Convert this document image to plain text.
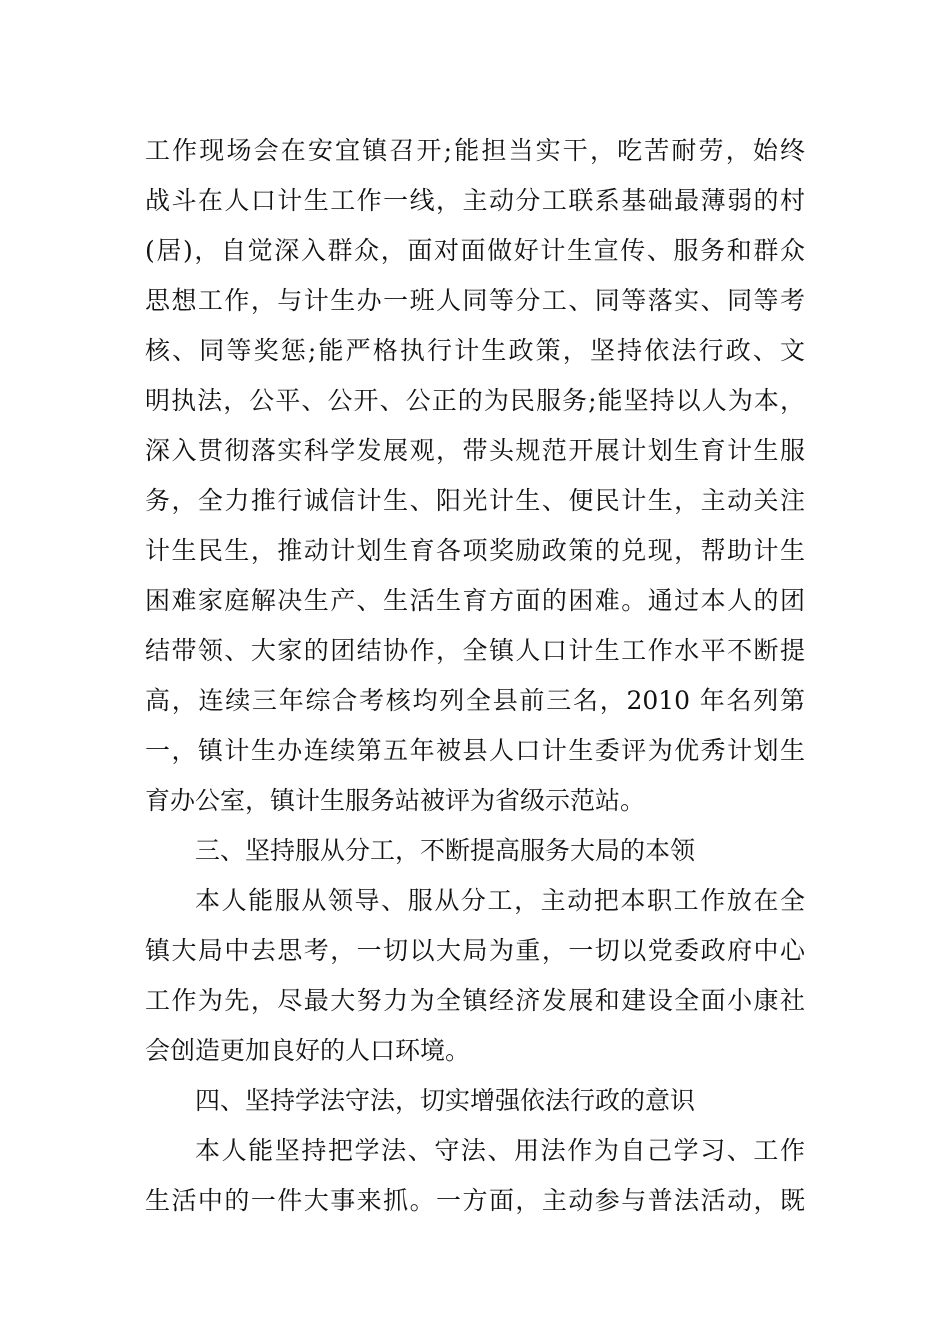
工作现场会在安宜镇召开;能担当实干，吃苦耐劳，始终
战斗在人口计生工作一线，主动分工联系基础最薄弱的村
(居)，自觉深入群众，面对面做好计生宣传、服务和群众
思想工作，与计生办一班人同等分工、同等落实、同等考
核、同等奖惩;能严格执行计生政策，坚持依法行政、文
明执法，公平、公开、公正的为民服务;能坚持以人为本，
深入贯彻落实科学发展观，带头规范开展计划生育计生服
务，全力推行诚信计生、阳光计生、便民计生，主动关注
计生民生，推动计划生育各项奖励政策的兑现，帮助计生
困难家庭解决生产、生活生育方面的困难。通过本人的团
结带领、大家的团结协作，全镇人口计生工作水平不断提
高，连续三年综合考核均列全县前三名，2010 年名列第
一，镇计生办连续第五年被县人口计生委评为优秀计划生
育办公室，镇计生服务站被评为省级示范站。
三、坚持服从分工，不断提高服务大局的本领
本人能服从领导、服从分工，主动把本职工作放在全
镇大局中去思考，一切以大局为重，一切以党委政府中心
工作为先，尽最大努力为全镇经济发展和建设全面小康社
会创造更加良好的人口环境。
四、坚持学法守法，切实增强依法行政的意识
本人能坚持把学法、守法、用法作为自己学习、工作
生活中的一件大事来抓。一方面，主动参与普法活动，既
